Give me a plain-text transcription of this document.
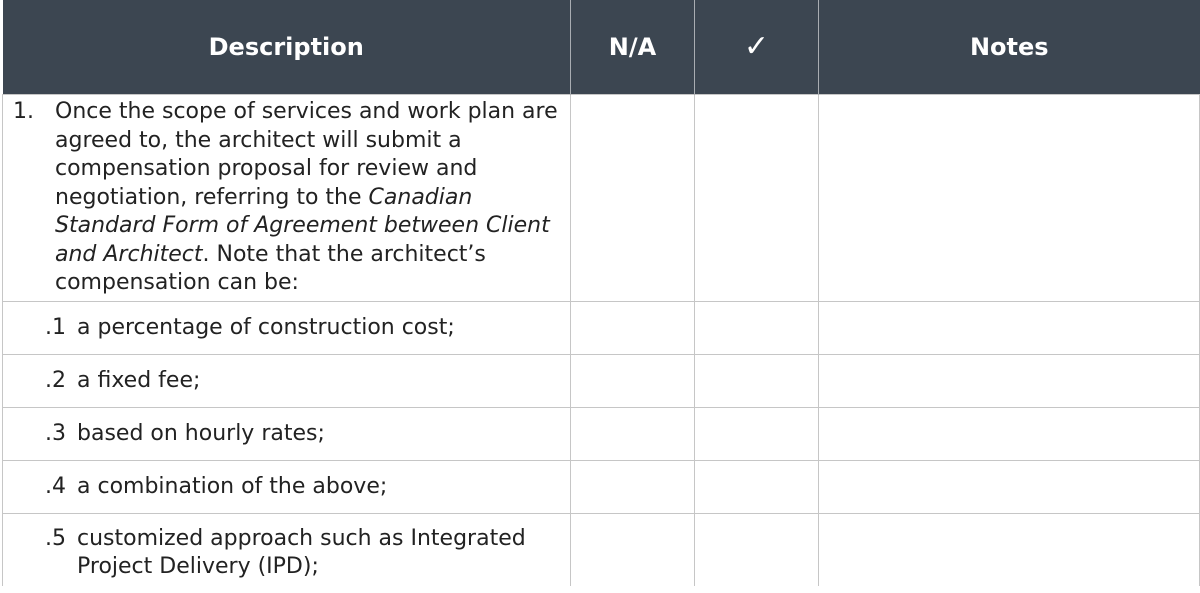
Description	N/A	✓	Notes

1. Once the scope of services and work plan are agreed to, the architect will submit a compensation proposal for review and negotiation, referring to the Canadian Standard Form of Agreement between Client and Architect. Note that the architect’s compensation can be:			

.1 a percentage of construction cost;			

.2 a fixed fee;			

.3 based on hourly rates;			

.4 a combination of the above;			

.5 customized approach such as Integrated Project Delivery (IPD);			
